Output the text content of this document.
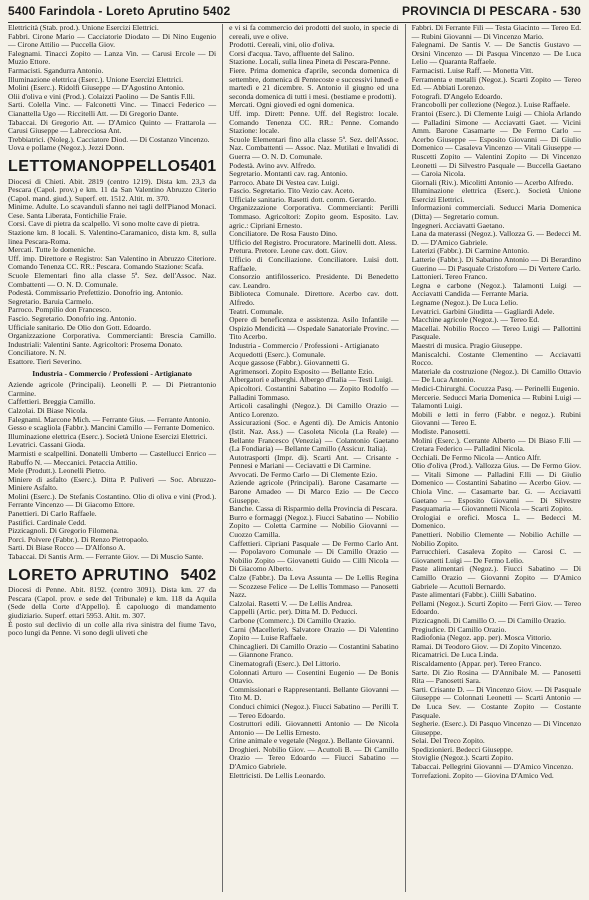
5400 Farindola - Loreto Aprutino 5402	PROVINCIA DI PESCARA - 530

Elettricità (Stab. prod.). Unione Esercizi Elettrici.

Fabbri. Cirone Mario — Cacciatorie Diodato — Di Nino Eugenio — Cirone Attilio — Puccella Giov.

Falegnami. Tinacci Zopito — Lanza Vin. — Carusi Ercole — Di Muzio Ettore.

Farmacisti. Sgandurra Antonio.

Illuminazione elettrica (Eserc.). Unione Esercizi Elettrici.

Molini (Eserc.). Ridolfi Giuseppe — D'Agostino Antonio.

Olii d'oliva e vini (Prod.). Colaizzi Paolino — De Santis F.lli.

Sarti. Colella Vinc. — Falconetti Vinc. — Tinacci Federico — Cianattella Ugo — Riccitelli Att. — Di Gregorio Dante.

Tabaccai. Di Gregorio Att. — D'Amico Quinto — Frattarola — Carusi Giuseppe — Labrecciosa Ant.

Trebbiatrici. (Noleg.). Cacciatore Diod. — Di Costanzo Vincenzo.

Uova e pollame (Negoz.). Jezzi Donn.

LETTOMANOPPELLO 5401

Diocesi di Chieti. Abit. 2819 (centro 1219). Dista km. 23,3 da Pescara (Capol. prov.) e km. 11 da San Valentino Abruzzo Citerio (Capol. mand. giud.). Superf. ett. 1512. Altit. m. 370.

Minime. Adulte. Lo scavanduli sfanno nei tagli dell'Pianod Monaci. Cese. Santa Liberata, Fontichilie Fraie.

Corsi. Cave di pietra da scalpello. Vi sono molte cave di pietra.

Stazione km. 8 locali. S. Valentino-Caramanico, dista km. 8, sulla linea Pescara-Roma.

Mercati. Tutte le domeniche.

Uff. imp. Direttore e Registro: San Valentino in Abruzzo Citeriore. Comando Tenenza CC. RR.: Pescara. Comando Stazione: Scafa.

Scuole Elementari fino alla classe 5ª. Sez. dell'Assoc. Naz. Combattenti — O. N. D. Comunale.

Podestà. Commissario Prefettizio. Donofrio ing. Antonio.

Segretario. Baruia Carmelo.

Parroco. Pompilio don Francesco.

Fascio. Segretario. Donofrio ing. Antonio.

Ufficiale sanitario. De Olio don Gott. Edoardo.

Organizzazione Corporativa. Commercianti: Brescia Camillo. Industriali: Valentini Sante. Agricoltori: Prosema Donato.

Conciliatore. N. N.

Esattore. Tieri Severino.

Industria - Commercio / Professioni - Artigianato

Aziende agricole (Principali). Leonelli P. — Di Pietrantonio Carmine.

Caffettieri. Breggia Camillo.

Calzolai. Di Biase Nicola.

Falegnami. Marcone Mich. — Ferrante Gius. — Ferrante Antonio.

Gesso e scagliola (Fabbr.). Mancini Camillo — Ferrante Domenico.

Illuminazione elettrica (Eserc.). Società Unione Esercizi Elettrici.

Levatrici. Cassani Gioda.

Marmisti e scalpellini. Donatelli Umberto — Castellucci Enrico — Rabuffo N. — Meccanici. Petaccia Attilio.

Mele (Produtt.). Leonelli Pietro.

Miniere di asfalto (Eserc.). Ditta P. Puliveri — Soc. Abruzzo-Miniere Asfalto.

Molini (Eserc.). De Stefanis Costantino. Olio di oliva e vini (Prod.). Ferrante Vincenzo — Di Giacomo Ettore.

Panettieri. Di Carlo Raffaele.

Pastifici. Cardinale Cedd.

Pizzicagnoli. Di Gregorio Filomena.

Porci. Polvere (Fabbr.). Di Renzo Pietropaolo.

Sarti. Di Biase Rocco — D'Alfonso A.

Tabaccai. Di Santis Arm. — Ferrante Giov. — Di Muscio Sante.

LORETO APRUTINO 5402

Diocesi di Penne. Abit. 8192. (centro 3091). Dista km. 27 da Pescara (Capol. prov. e sede del Tribunale) e km. 118 da Aquila (Sede della Corte d'Appello). È capoluogo di mandamento giudiziario. Superf. ettari 5953. Altit. m. 307.

È posto sul declivio di un colle alla riva sinistra del fiume Tavo, poco lungi da Penne. Vi sono degli uliveti che

e vi si fa commercio dei prodotti del suolo, in specie di cereali, uve e olive.

Prodotti. Cereali, vini, olio d'oliva.

Corsi d'acqua. Tavo, affluente del Salino.

Stazione. Locali, sulla linea Pineta di Pescara-Penne.

Fiere. Prima domenica d'aprile, seconda domenica di settembre, domenica di Pentecoste e successivi lunedì e martedì e 21 dicembre. S. Antonio il giugno ed una seconda domenica di tutti i mesi. (bestiame e prodotti).

Mercati. Ogni giovedì ed ogni domenica.

Uff. imp. Dirett: Penne. Uff. del Registro: locale. Comando Tenenza CC. RR.: Penne. Comando Stazione: locale.

Scuole Elementari fino alla classe 5ª. Sez. dell'Assoc. Naz. Combattenti — Assoc. Naz. Mutilati e Invalidi di Guerra — O. N. D. Comunale.

Podestà. Avino avv. Alfredo.

Segretario. Montanti cav. rag. Antonio.

Parroco. Abate Di Vestea cav. Luigi.

Fascio. Segretario. Tito Vezio cav. Aceto.

Ufficiale sanitario. Rasetti dott. comm. Gerardo.

Organizzazione Corporativa. Commercianti: Perilli Tommaso. Agricoltori: Zopito geom. Esposito. Lav. agric.: Cipriani Ernesto.

Conciliatore. De Rosa Fausto Dino.

Ufficio del Registro. Procuratore. Marinelli dott. Aless.

Pretura. Pretore. Leone cav. dott. Giov.

Ufficio di Conciliazione. Conciliatore. Luisi dott. Raffaele.

Consorzio antifilosserico. Presidente. Di Benedetto cav. Leandro.

Biblioteca Comunale. Direttore. Acerbo cav. dott. Alfredo.

Teatri. Comunale.

Opere di beneficenza e assistenza. Asilo Infantile — Ospizio Mendicità — Ospedale Sanatoriale Provinc. — Tito Acerbo.

Industria - Commercio / Professioni - Artigianato

Acquedotti (Eserc.). Comunale.

Acque gassose (Fabbr.). Giovannetti G.

Agrimensori. Zopito Esposito — Bellante Ezio.

Albergatori e alberghi. Albergo d'Italia — Testi Luigi.

Apicoltori. Costantini Sabatino — Zopito Rodolfo — Palladini Tommaso.

Articoli casalinghi (Negoz.). Di Camillo Orazio — Antico Lorenzo.

Assicurazioni (Soc. e Agenti di). De Amicis Antonio (Istit. Naz. Ass.) — Casoleta Nicola (La Reale) — Bellante Francesco (Venezia) — Colantonio Gaetano (La Fondiaria) — Bellante Camillo (Assicur. Italia).

Autotrasporti (Impr. di). Scarti Ant. — Crisante - Pennesi e Mariani — Ceciavatti e Di Carmine.

Avvocati. De Fermo Carlo — Di Clemente Ezio.

Aziende agricole (Principali). Barone Casamarte — Barone Amadeo — Di Marco Ezio — De Cecco Giuseppe.

Banche. Cassa di Risparmio della Provincia di Pescara.

Burro e formaggi (Negoz.). Fiucci Sabatino — Nobilio Zopito — Coletta Carmine — Nobilio Giovanni — Cuozzo Camilla.

Caffettieri. Cipriani Pasquale — De Fermo Carlo Ant. — Popolavoro Comunale — Di Camillo Orazio — Nobilio Zopito — Giovanetti Guido — Cilli Nicola — Di Giacomo Alberto.

Calze (Fabbr.). Da Leva Assunta — De Lellis Regina — Scozzese Felice — De Lellis Tommaso — Panosetti Nazz.

Calzolai. Rasetti V. — De Lellis Andrea.

Cappelli (Artic. per). Ditta M. D. Peducci.

Carbone (Commerc.). Di Camillo Orazio.

Carni (Macellerie). Salvatore Orazio — Di Valentino Zopito — Luise Raffaele.

Chincaglieri. Di Camillo Orazio — Costantini Sabatino — Giannone Franco.

Cinematografi (Eserc.). Del Littorio.

Colonnati Arturo — Cosentini Eugenio — De Bonis Ottavio.

Commissionari e Rappresentanti. Bellante Giovanni — Tito M. D.

Conduci chimici (Negoz.). Fiucci Sabatino — Perilli T. — Tereo Edoardo.

Costruttori edili. Giovannetti Antonio — De Nicola Antonio — De Lellis Ernesto.

Crine animale e vegetale (Negoz.). Bellante Giovanni.

Droghieri. Nobilio Giov. — Acuttoli B. — Di Camillo Orazio — Tereo Edoardo — Fiucci Sabatino — D'Amico Gabriele.

Elettricisti. De Lellis Leonardo.

Fabbri. Di Ferrante Fili — Testa Giacinto — Tereo Ed. — Rubini Giovanni — Di Vincenzo Mario.

Falegnami. De Santis V. — De Sanctis Gustavo — Orsini Vincenzo — Di Pasqua Vincenzo — De Luca Lelio — Quaranta Raffaele.

Farmacisti. Luise Raff. — Monetta Vitt.

Ferramenta e metalli (Negoz.). Scarti Zopito — Tereo Ed. — Abbiati Lorenzo.

Fotografi. D'Angelo Edoardo.

Francobolli per collezione (Negoz.). Luise Raffaele.

Frantoi (Eserc.). Di Clemente Luigi — Chiola Arlando — Palladini Simone — Acciavatti Gaet. — Vicini Amm. Barone Casamarte — De Fermo Carlo — Acerbo Giuseppe — Esposito Giovanni — Di Giulio Domenico — Casaleva Vincenzo — Vitali Giuseppe — Ruscetti Zopito — Valentini Zopito — Di Vincenzo Leonetti — Di Silvestro Pasquale — Buccella Gaetano — Caroia Nicola.

Giornali (Riv.). Micolitti Antonio — Acerbo Alfredo.

Illuminazione elettrica (Eserc.). Società Unione Esercizi Elettrici.

Informazioni commerciali. Seducci Maria Domenica (Ditta) — Segretario comun.

Ingegneri. Acciavatti Gaetano.

Lana da materassi (Negoz.). Vallozza G. — Bedecci M. D. — D'Amico Gabriele.

Laterizi (Fabbr.). Di Carmine Antonio.

Latterie (Fabbr.). Di Sabatino Antonio — Di Berardino Guerino — Di Pasquale Cristoforo — Di Vertere Carlo.

Lattonieri. Tereo Franco.

Legna e carbone (Negoz.). Talamonti Luigi — Acciavatti Candida — Ferrante Maria.

Legname (Negoz.). De Luca Lelio.

Levatrici. Garbini Giuditta — Gagliardi Adele.

Macchine agricole (Negoz.). — Tereo Ed.

Macellai. Nobilio Rocco — Tereo Luigi — Pallottini Pasquale.

Maestri di musica. Pragio Giuseppe.

Maniscalchi. Costante Clementino — Acciavatti Rocco.

Materiale da costruzione (Negoz.). Di Camillo Ottavio — De Luca Antonio.

Medici-Chirurghi. Cocuzza Pasq. — Perinelli Eugenio.

Mercerie. Seducci Maria Domenica — Rubini Luigi — Talamonti Luigi.

Mobili e letti in ferro (Fabbr. e negoz.). Rubini Giovanni — Tereo E.

Modiste. Panosetti.

Molini (Eserc.). Cerrante Alberto — Di Biaso F.lli — Cretara Federico — Palladini Nicola.

Occhiali. De Fermo Nicola — Antico Alfr.

Olio d'oliva (Prod.). Vallozza Gius. — De Fermo Giov. — Vitali Simone — Palladini F.lli — Di Giulio Domenico — Costantini Sabatino — Acerbo Giov. — Chiola Vinc. — Casamarte bar. G. — Acciavatti Gaetano — Esposito Giovanni — Di Silvestre Pasquamaria — Giovannetti Nicola — Scarti Zopito.

Orologiai e orefici. Mosca L. — Bedecci M. Domenico.

Panettieri. Nobilio Clemente — Nobilio Achille — Nobilio Zopito.

Parrucchieri. Casaleva Zopito — Carosi C. — Giovanetti Luigi — De Fermo Lelio.

Paste alimentari (Negoz.). Fiucci Sabatino — Di Camillo Orazio — Giovanni Zopito — D'Amico Gabriele — Acuttoli Bernardo.

Paste alimentari (Fabbr.). Ciilli Sabatino.

Pellami (Negoz.). Scurti Zopito — Ferri Giov. — Tereo Edoardo.

Pizzicagnoli. Di Camillo O. — Di Camillo Orazio.

Pregiudice. Di Camillo Orazio.

Radiofonia (Negoz. app. per). Mosca Vittorio.

Ramai. Di Teodoro Giov. — Di Zopito Vincenzo.

Ricamatrici. De Luca Linda.

Riscaldamento (Appar. per). Tereo Franco.

Sarte. Di Zio Rosina — D'Annibale M. — Panosetti Rita — Panosetti Sara.

Sarti. Crisante D. — Di Vincenzo Giov. — Di Pasquale Giuseppe — Colonnati Leonetti — Scarti Antonio — De Luca Sev. — Costante Zopito — Costante Pasquale.

Segherie. (Eserc.). Di Pasquo Vincenzo — Di Vincenzo Giuseppe.

Selai. Del Treco Zopito.

Spedizionieri. Bedecci Giuseppe.

Stoviglie (Negoz.). Scarti Zopito.

Tabaccai. Pellegrini Giovanni — D'Amico Vincenzo.

Torrefazioni. Zopito — Giovina D'Amico Ved.
